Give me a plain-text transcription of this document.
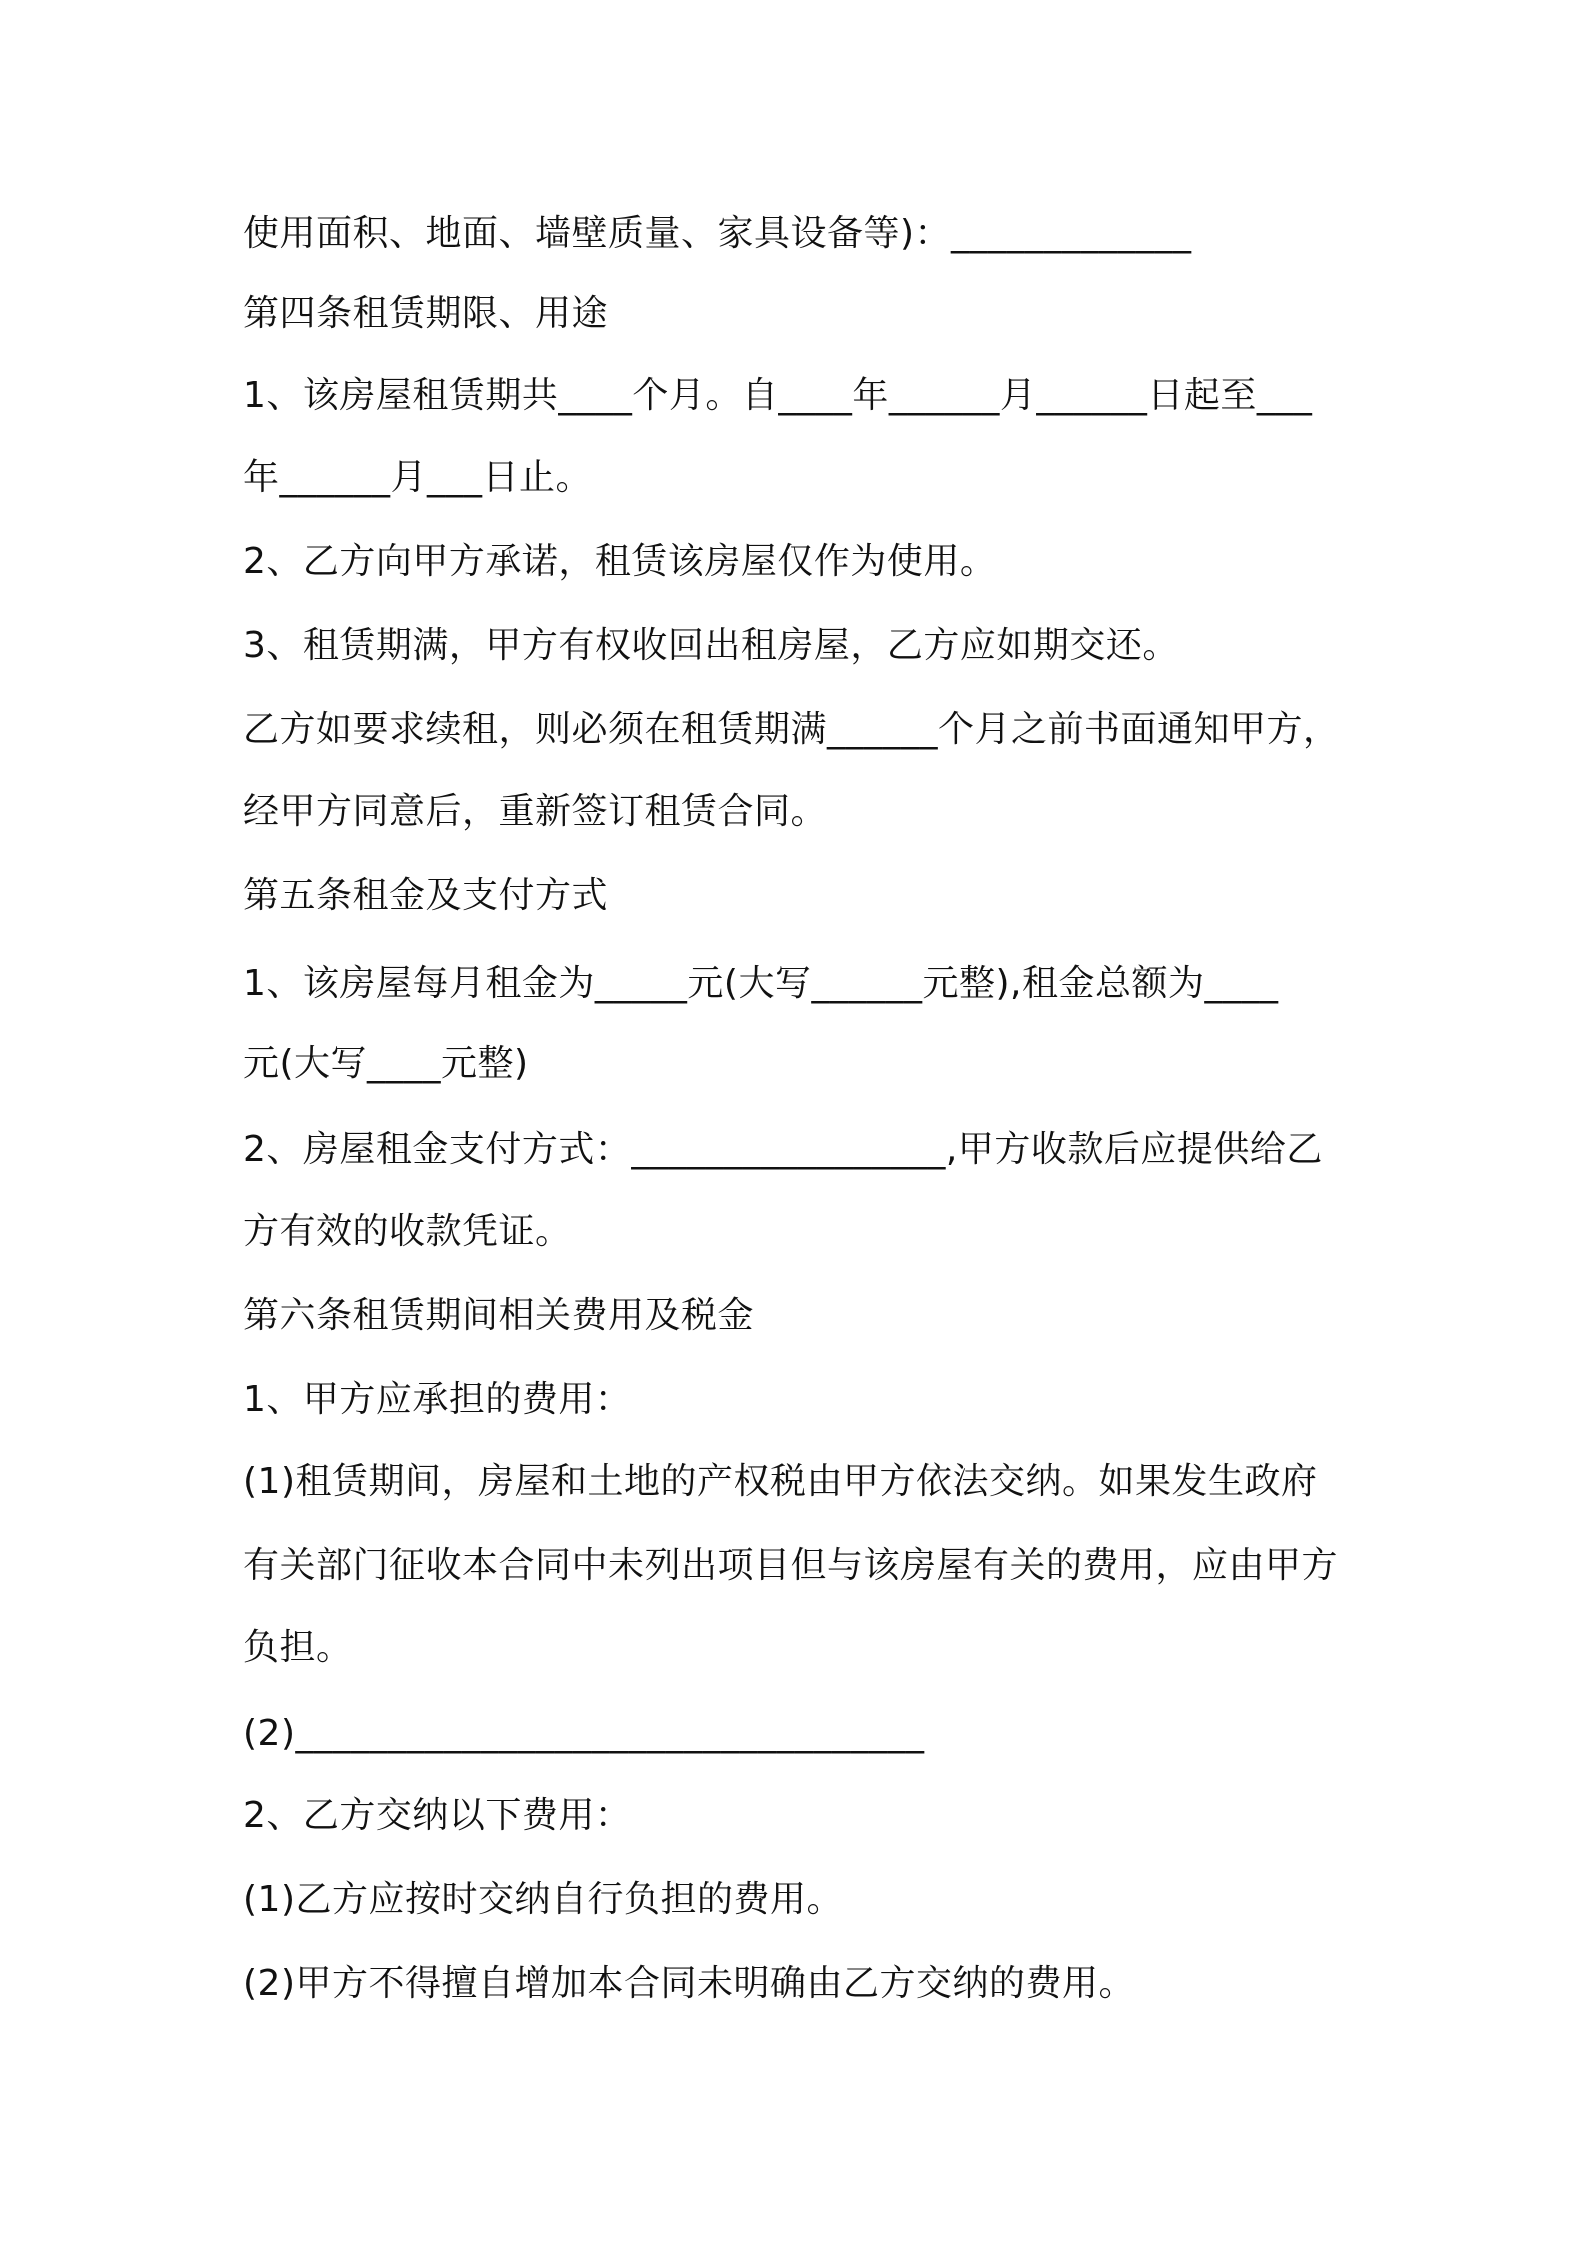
使用面积、地面、墙壁质量、家具设备等)：_____________
第四条租赁期限、用途
1、该房屋租赁期共____个月。自____年______月______日起至___
年______月___日止。
2、乙方向甲方承诺，租赁该房屋仅作为使用。
3、租赁期满，甲方有权收回出租房屋，乙方应如期交还。
乙方如要求续租，则必须在租赁期满______个月之前书面通知甲方，
经甲方同意后，重新签订租赁合同。
第五条租金及支付方式
1、该房屋每月租金为_____元(大写______元整),租金总额为____
元(大写____元整)
2、房屋租金支付方式：_________________,甲方收款后应提供给乙
方有效的收款凭证。
第六条租赁期间相关费用及税金
1、甲方应承担的费用：
(1)租赁期间，房屋和土地的产权税由甲方依法交纳。如果发生政府
有关部门征收本合同中未列出项目但与该房屋有关的费用，应由甲方
负担。
(2)__________________________________
2、乙方交纳以下费用：
(1)乙方应按时交纳自行负担的费用。
(2)甲方不得擅自增加本合同未明确由乙方交纳的费用。
